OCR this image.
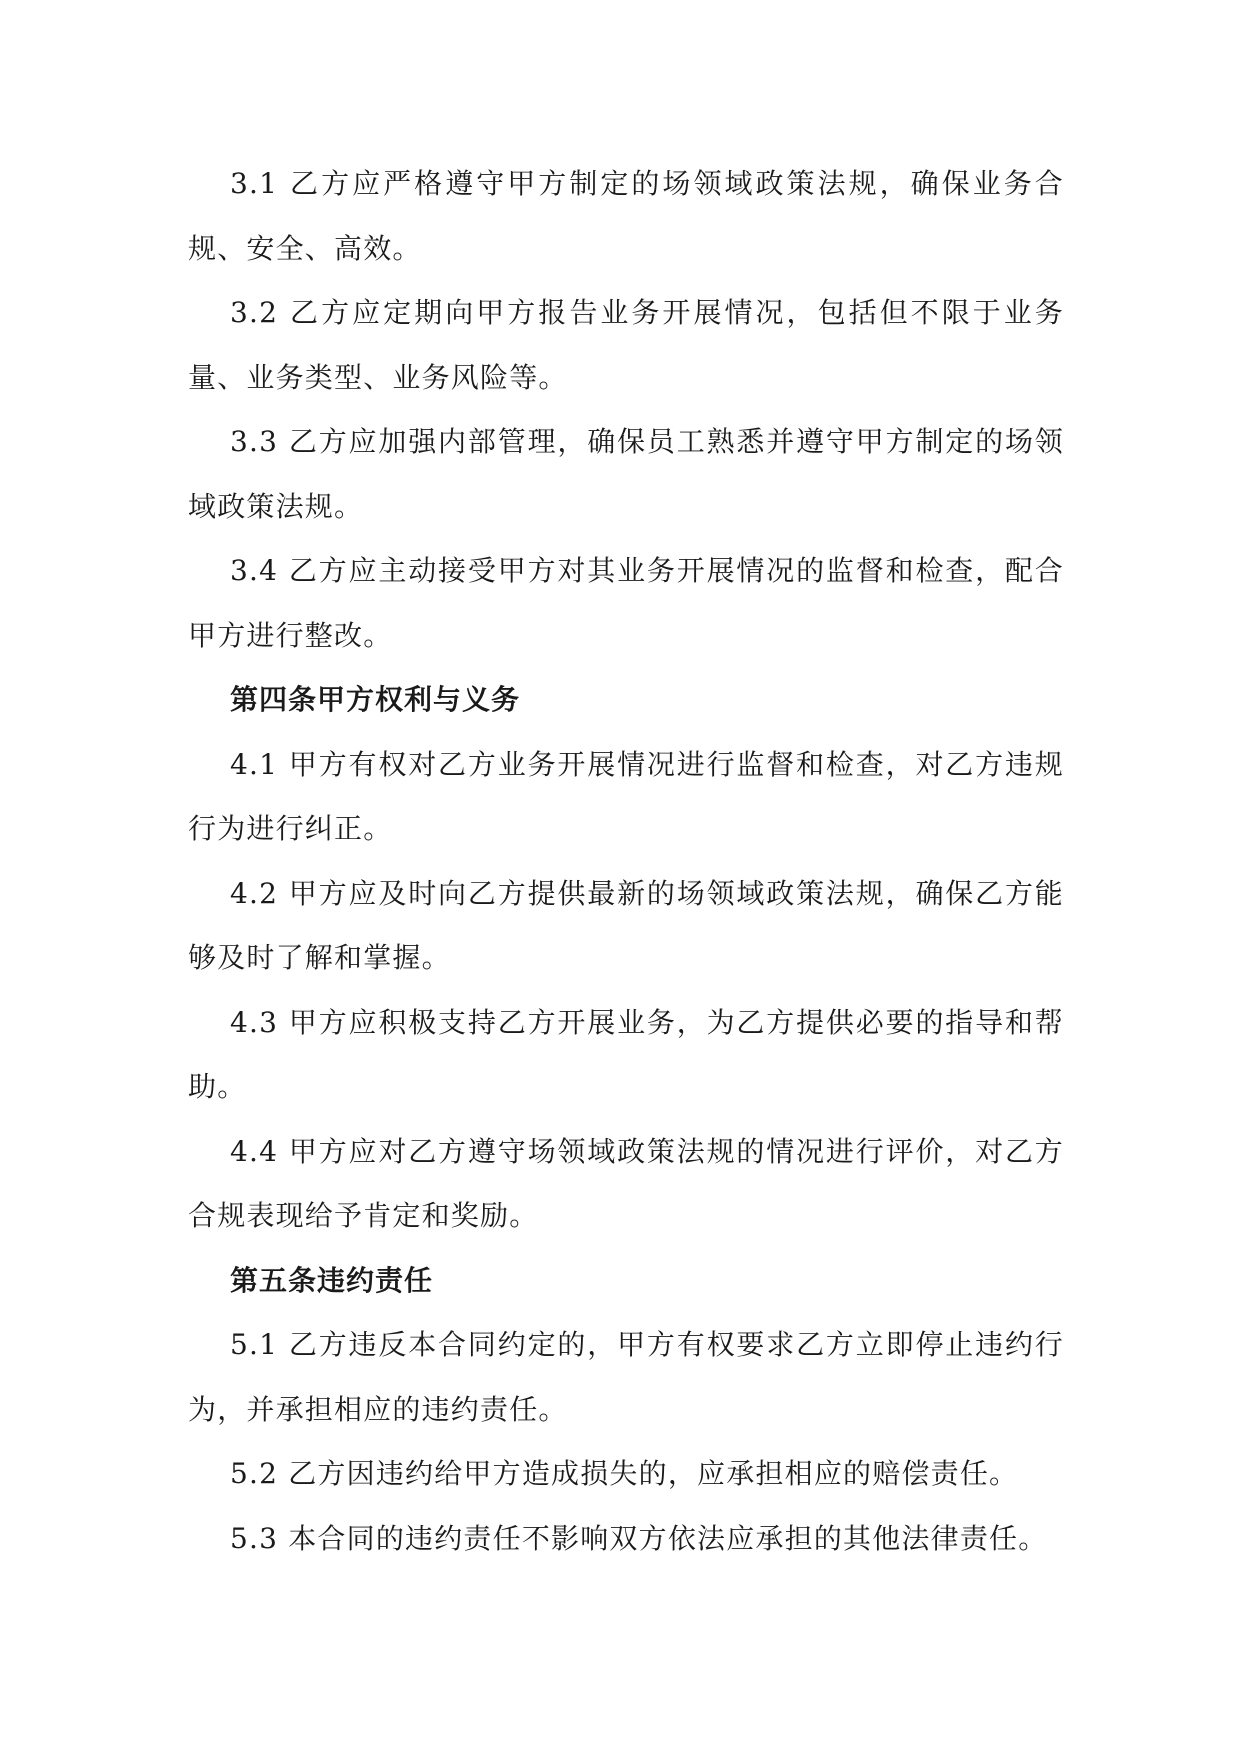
3.1 乙方应严格遵守甲方制定的场领域政策法规，确保业务合规、安全、高效。

3.2 乙方应定期向甲方报告业务开展情况，包括但不限于业务量、业务类型、业务风险等。

3.3 乙方应加强内部管理，确保员工熟悉并遵守甲方制定的场领域政策法规。

3.4 乙方应主动接受甲方对其业务开展情况的监督和检查，配合甲方进行整改。

第四条甲方权利与义务

4.1 甲方有权对乙方业务开展情况进行监督和检查，对乙方违规行为进行纠正。

4.2 甲方应及时向乙方提供最新的场领域政策法规，确保乙方能够及时了解和掌握。

4.3 甲方应积极支持乙方开展业务，为乙方提供必要的指导和帮助。

4.4 甲方应对乙方遵守场领域政策法规的情况进行评价，对乙方合规表现给予肯定和奖励。

第五条违约责任

5.1 乙方违反本合同约定的，甲方有权要求乙方立即停止违约行为，并承担相应的违约责任。

5.2 乙方因违约给甲方造成损失的，应承担相应的赔偿责任。

5.3 本合同的违约责任不影响双方依法应承担的其他法律责任。
